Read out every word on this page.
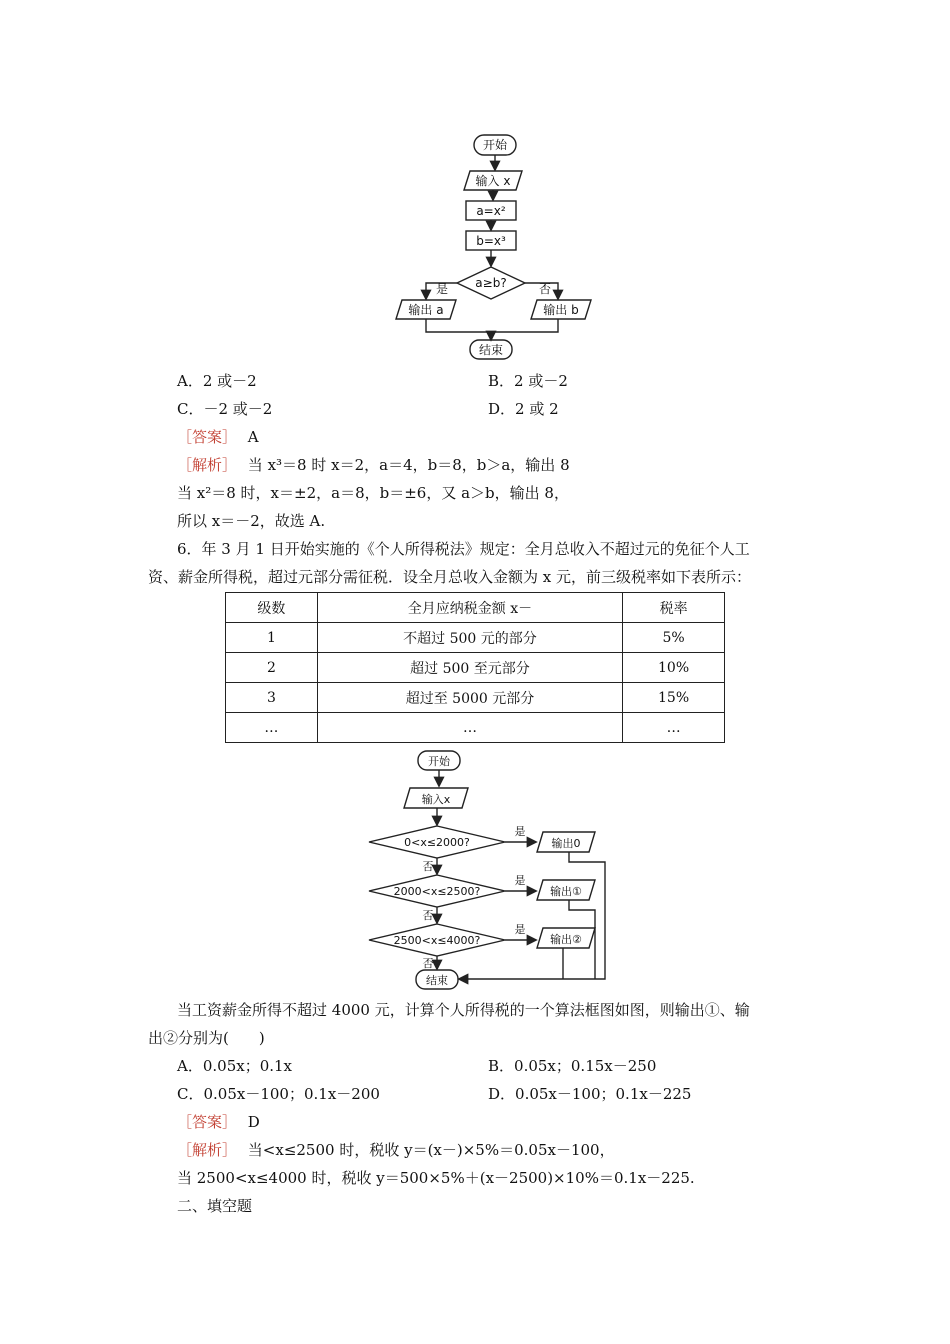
开始
输入 x
a=x²
b=x³
a≥b?
是	否
输出 a	输出 b
结束
A．2 或－2	B．2 或－2
C．－2 或－2	D．2 或 2
［答案］ A
［解析］ 当 x³＝8 时 x＝2，a＝4，b＝8，b＞a，输出 8
当 x²＝8 时，x＝±2，a＝8，b＝±6，又 a＞b，输出 8，
所以 x＝－2，故选 A.
6．年 3 月 1 日开始实施的《个人所得税法》规定：全月总收入不超过元的免征个人工
资、薪金所得税，超过元部分需征税．设全月总收入金额为 x 元，前三级税率如下表所示：
级数	全月应纳税金额 x－	税率
1	不超过 500 元的部分	5%
2	超过 500 至元部分	10%
3	超过至 5000 元部分	15%
…	…	…
开始
输入x
0<x≤2000?
是
输出0
否
2000<x≤2500?
是
输出①
否
2500<x≤4000?
是
输出②
否
结束
当工资薪金所得不超过 4000 元，计算个人所得税的一个算法框图如图，则输出①、输
出②分别为(　　)
A．0.05x；0.1x	B．0.05x；0.15x－250
C．0.05x－100；0.1x－200	D．0.05x－100；0.1x－225
［答案］ D
［解析］ 当<x≤2500 时，税收 y＝(x－)×5%＝0.05x－100，
当 2500<x≤4000 时，税收 y＝500×5%＋(x－2500)×10%＝0.1x－225.
二、填空题
